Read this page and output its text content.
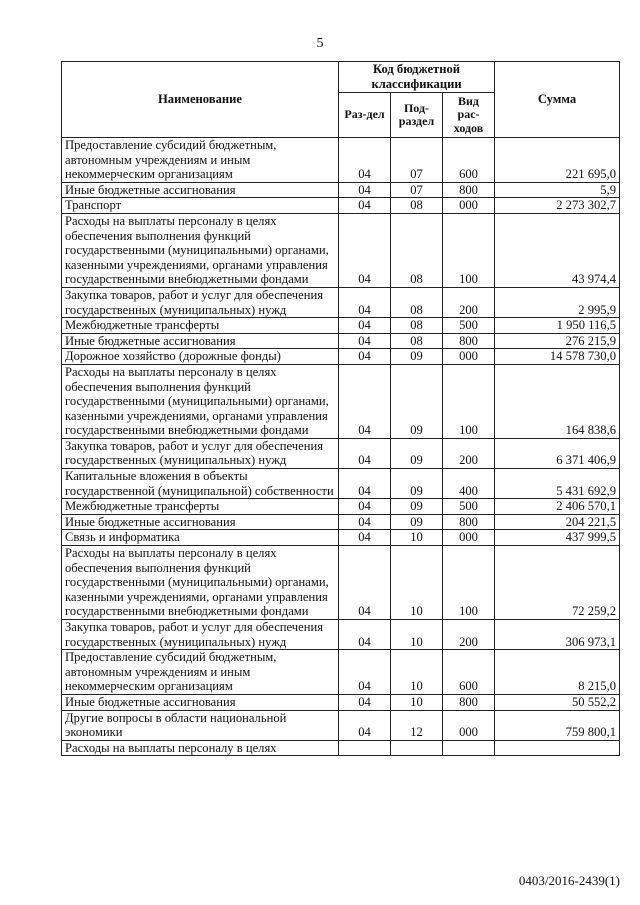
5
Наименование	Код бюджетной классификации			Сумма
	Раз-дел	Под-раздел	Вид рас-ходов	
Предоставление субсидий бюджетным, автономным учреждениям и иным некоммерческим организациям	04	07	600	221 695,0
Иные бюджетные ассигнования	04	07	800	5,9
Транспорт	04	08	000	2 273 302,7
Расходы на выплаты персоналу в целях обеспечения выполнения функций государственными (муниципальными) органами, казенными учреждениями, органами управления государственными внебюджетными фондами	04	08	100	43 974,4
Закупка товаров, работ и услуг для обеспечения государственных (муниципальных) нужд	04	08	200	2 995,9
Межбюджетные трансферты	04	08	500	1 950 116,5
Иные бюджетные ассигнования	04	08	800	276 215,9
Дорожное хозяйство (дорожные фонды)	04	09	000	14 578 730,0
Расходы на выплаты персоналу в целях обеспечения выполнения функций государственными (муниципальными) органами, казенными учреждениями, органами управления государственными внебюджетными фондами	04	09	100	164 838,6
Закупка товаров, работ и услуг для обеспечения государственных (муниципальных) нужд	04	09	200	6 371 406,9
Капитальные вложения в объекты государственной (муниципальной) собственности	04	09	400	5 431 692,9
Межбюджетные трансферты	04	09	500	2 406 570,1
Иные бюджетные ассигнования	04	09	800	204 221,5
Связь и информатика	04	10	000	437 999,5
Расходы на выплаты персоналу в целях обеспечения выполнения функций государственными (муниципальными) органами, казенными учреждениями, органами управления государственными внебюджетными фондами	04	10	100	72 259,2
Закупка товаров, работ и услуг для обеспечения государственных (муниципальных) нужд	04	10	200	306 973,1
Предоставление субсидий бюджетным, автономным учреждениям и иным некоммерческим организациям	04	10	600	8 215,0
Иные бюджетные ассигнования	04	10	800	50 552,2
Другие вопросы в области национальной экономики	04	12	000	759 800,1
Расходы на выплаты персоналу в целях				
0403/2016-2439(1)
